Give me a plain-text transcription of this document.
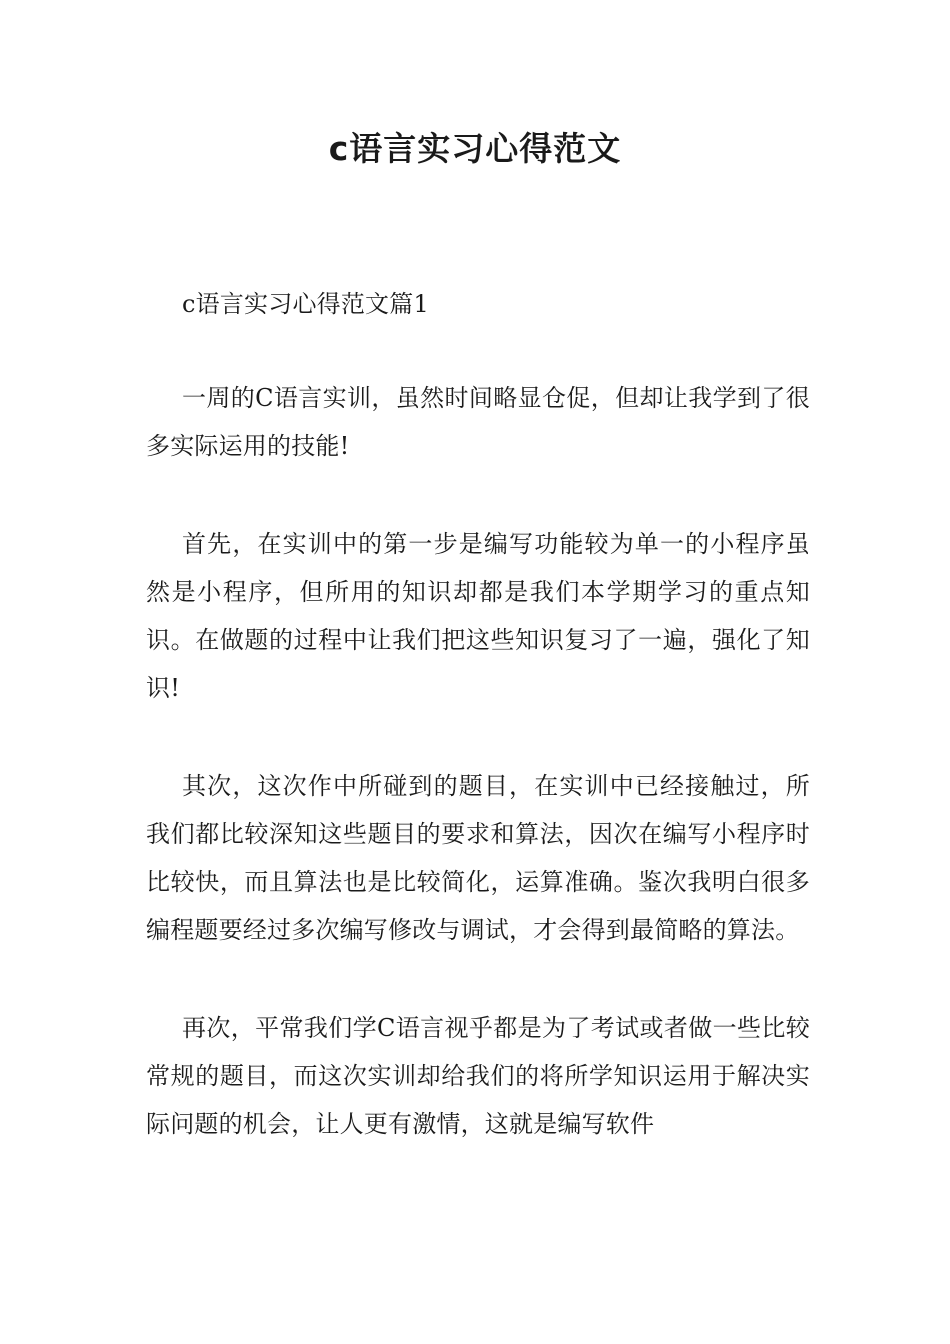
c语言实习心得范文

c语言实习心得范文篇1

一周的C语言实训，虽然时间略显仓促，但却让我学到了很多实际运用的技能!

首先，在实训中的第一步是编写功能较为单一的小程序虽然是小程序，但所用的知识却都是我们本学期学习的重点知识。在做题的过程中让我们把这些知识复习了一遍，强化了知识!

其次，这次作中所碰到的题目，在实训中已经接触过，所我们都比较深知这些题目的要求和算法，因次在编写小程序时比较快，而且算法也是比较简化，运算准确。鉴次我明白很多编程题要经过多次编写修改与调试，才会得到最简略的算法。

再次，平常我们学C语言视乎都是为了考试或者做一些比较常规的题目，而这次实训却给我们的将所学知识运用于解决实际问题的机会，让人更有激情，这就是编写软件
